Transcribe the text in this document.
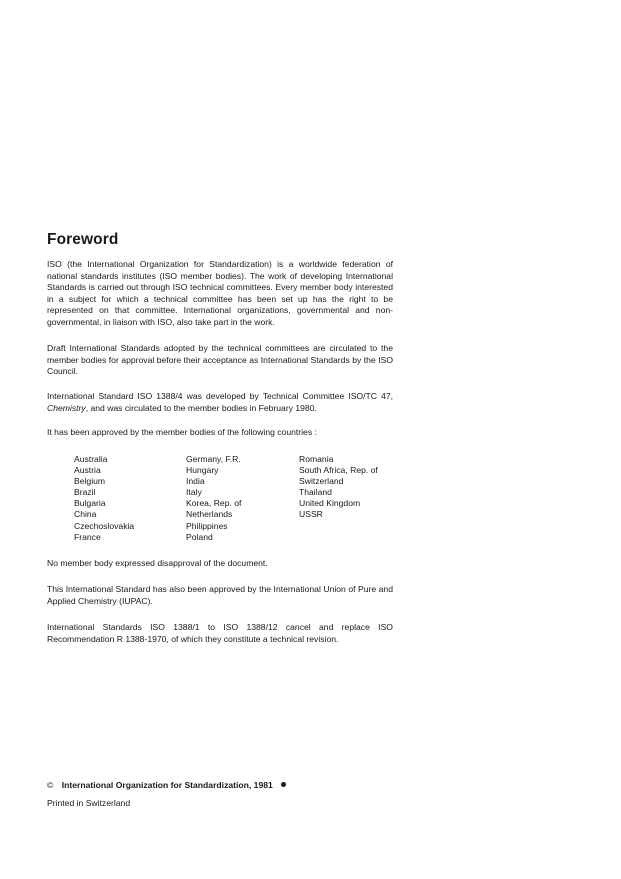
Foreword
ISO (the International Organization for Standardization) is a worldwide federation of national standards institutes (ISO member bodies). The work of developing International Standards is carried out through ISO technical committees. Every member body interested in a subject for which a technical committee has been set up has the right to be represented on that committee. International organizations, governmental and non-governmental, in liaison with ISO, also take part in the work.
Draft International Standards adopted by the technical committees are circulated to the member bodies for approval before their acceptance as International Standards by the ISO Council.
International Standard ISO 1388/4 was developed by Technical Committee ISO/TC 47, Chemistry, and was circulated to the member bodies in February 1980.
It has been approved by the member bodies of the following countries :
Australia
Austria
Belgium
Brazil
Bulgaria
China
Czechoslovakia
France
Germany, F.R.
Hungary
India
Italy
Korea, Rep. of
Netherlands
Philippines
Poland
Romania
South Africa, Rep. of
Switzerland
Thailand
United Kingdom
USSR
No member body expressed disapproval of the document.
This International Standard has also been approved by the International Union of Pure and Applied Chemistry (IUPAC).
International Standards ISO 1388/1 to ISO 1388/12 cancel and replace ISO Recommendation R 1388-1970, of which they constitute a technical revision.
© International Organization for Standardization, 1981
Printed in Switzerland
